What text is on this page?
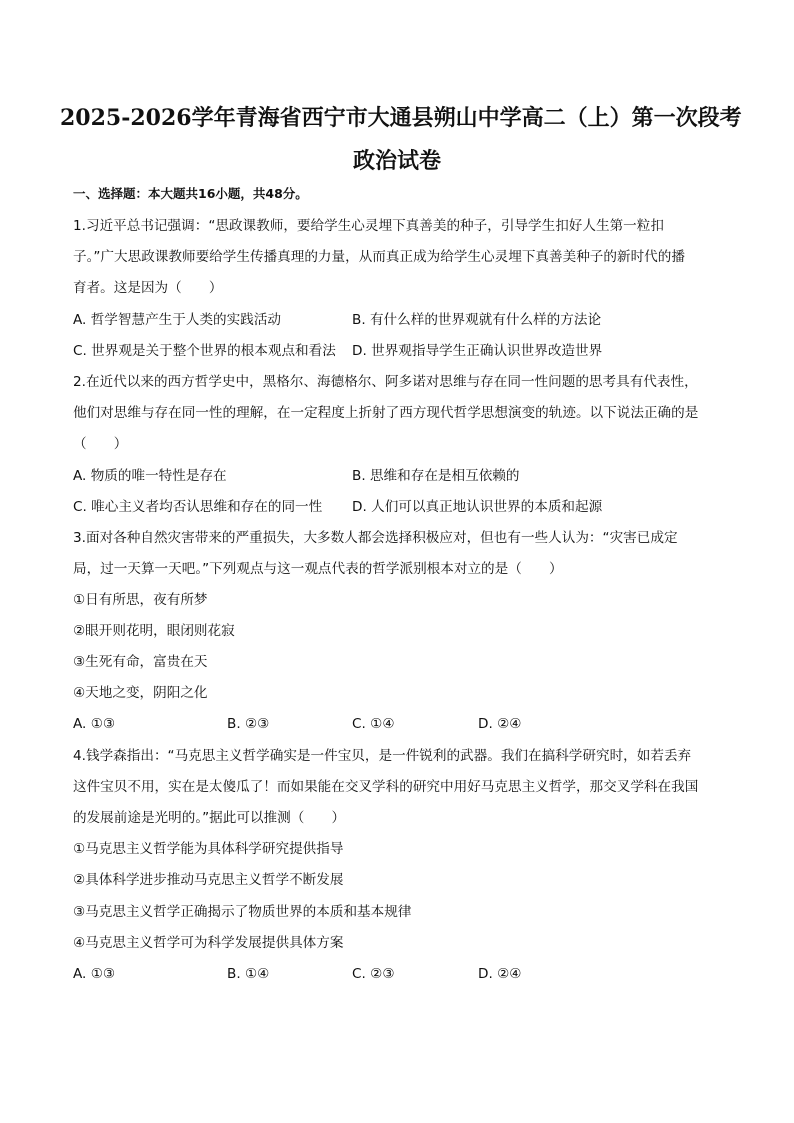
2025-2026学年青海省西宁市大通县朔山中学高二（上）第一次段考
政治试卷
一、选择题：本大题共16小题，共48分。
1.习近平总书记强调：“思政课教师，要给学生心灵埋下真善美的种子，引导学生扣好人生第一粒扣
子。”广大思政课教师要给学生传播真理的力量，从而真正成为给学生心灵埋下真善美种子的新时代的播
育者。这是因为（　　）
A. 哲学智慧产生于人类的实践活动	B. 有什么样的世界观就有什么样的方法论
C. 世界观是关于整个世界的根本观点和看法 D. 世界观指导学生正确认识世界改造世界
2.在近代以来的西方哲学史中，黑格尔、海德格尔、阿多诺对思维与存在同一性问题的思考具有代表性，
他们对思维与存在同一性的理解，在一定程度上折射了西方现代哲学思想演变的轨迹。以下说法正确的是
（　　）
A. 物质的唯一特性是存在	B. 思维和存在是相互依赖的
C. 唯心主义者均否认思维和存在的同一性 D. 人们可以真正地认识世界的本质和起源
3.面对各种自然灾害带来的严重损失，大多数人都会选择积极应对，但也有一些人认为：“灾害已成定
局，过一天算一天吧。”下列观点与这一观点代表的哲学派别根本对立的是（　　）
①日有所思，夜有所梦
②眼开则花明，眼闭则花寂
③生死有命，富贵在天
④天地之变，阴阳之化
A. ①③	B. ②③	C. ①④	D. ②④
4.钱学森指出：“马克思主义哲学确实是一件宝贝，是一件锐利的武器。我们在搞科学研究时，如若丢弃
这件宝贝不用，实在是太傻瓜了！而如果能在交叉学科的研究中用好马克思主义哲学，那交叉学科在我国
的发展前途是光明的。”据此可以推测（　　）
①马克思主义哲学能为具体科学研究提供指导
②具体科学进步推动马克思主义哲学不断发展
③马克思主义哲学正确揭示了物质世界的本质和基本规律
④马克思主义哲学可为科学发展提供具体方案
A. ①③	B. ①④	C. ②③	D. ②④
